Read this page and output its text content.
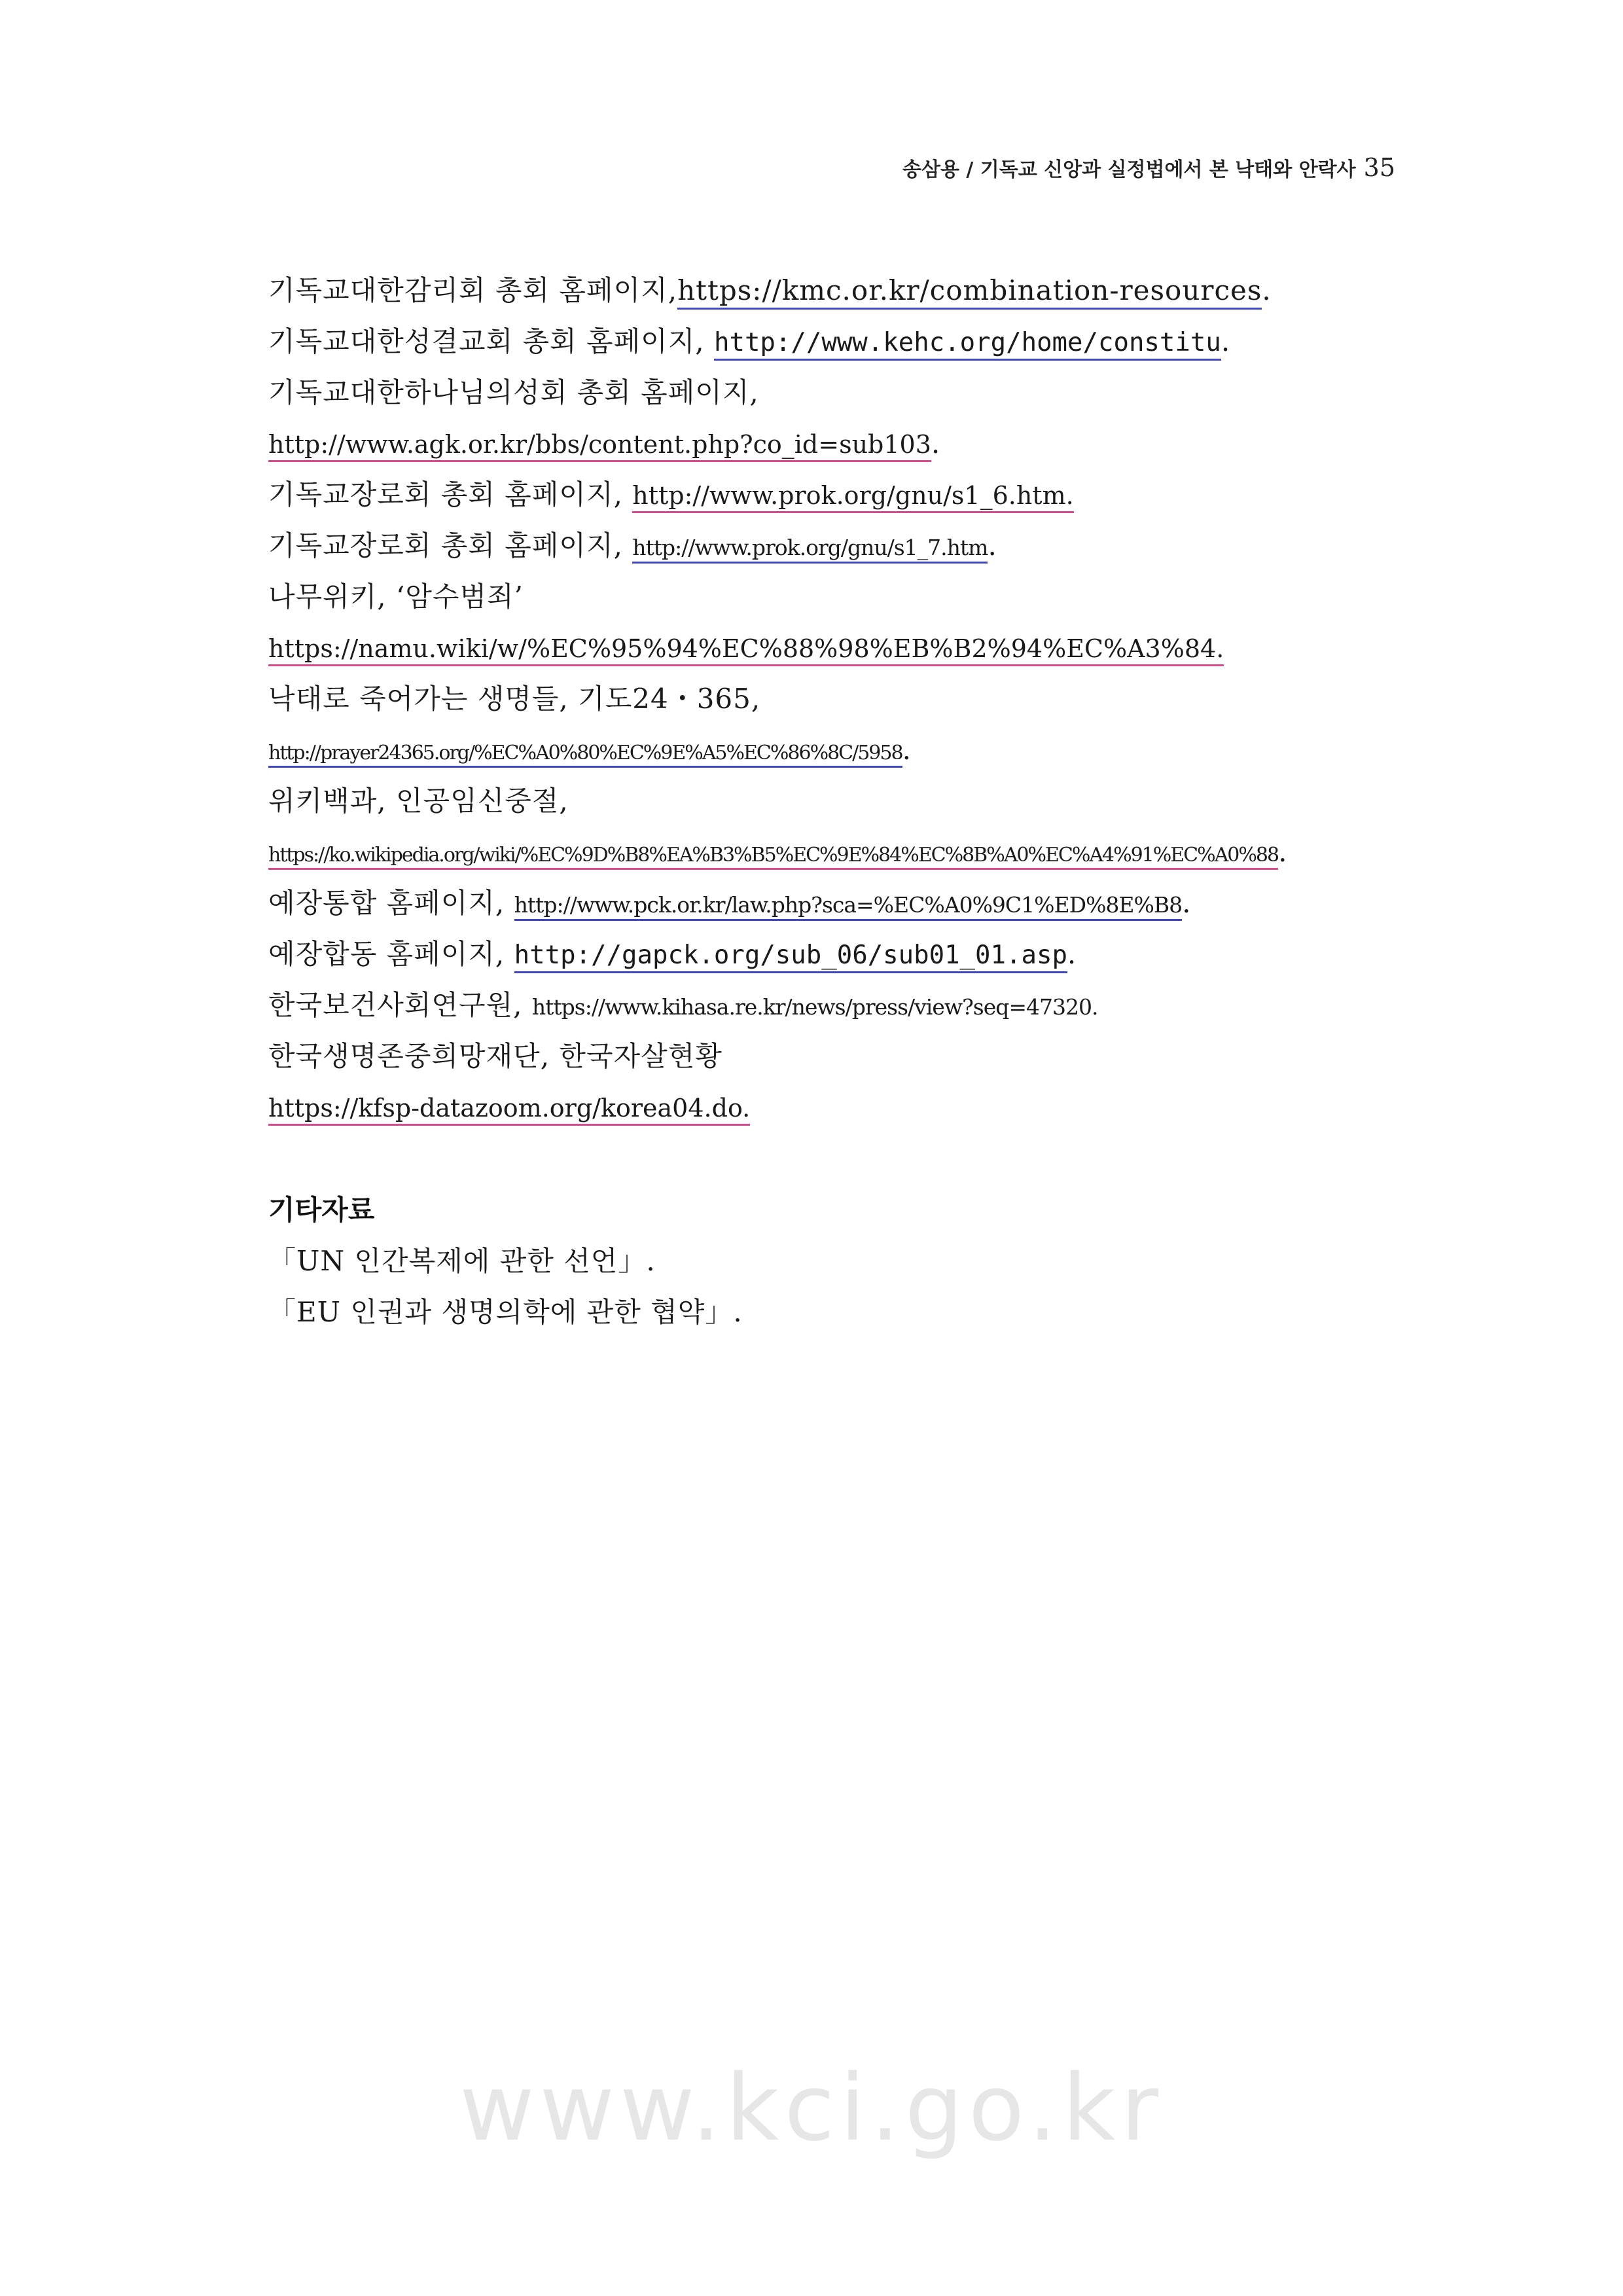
송삼용 / 기독교 신앙과 실정법에서 본 낙태와 안락사 35
기독교대한감리회 총회 홈페이지,https://kmc.or.kr/combination-resources.
기독교대한성결교회 총회 홈페이지, http://www.kehc.org/home/constitu.
기독교대한하나님의성회 총회 홈페이지,
http://www.agk.or.kr/bbs/content.php?co_id=sub103.
기독교장로회 총회 홈페이지, http://www.prok.org/gnu/s1_6.htm.
기독교장로회 총회 홈페이지, http://www.prok.org/gnu/s1_7.htm.
나무위키, ‘암수범죄’
https://namu.wiki/w/%EC%95%94%EC%88%98%EB%B2%94%EC%A3%84.
낙태로 죽어가는 생명들, 기도24・365,
http://prayer24365.org/%EC%A0%80%EC%9E%A5%EC%86%8C/5958.
위키백과, 인공임신중절,
https://ko.wikipedia.org/wiki/%EC%9D%B8%EA%B3%B5%EC%9E%84%EC%8B%A0%EC%A4%91%EC%A0%88.
예장통합 홈페이지, http://www.pck.or.kr/law.php?sca=%EC%A0%9C1%ED%8E%B8.
예장합동 홈페이지, http://gapck.org/sub_06/sub01_01.asp.
한국보건사회연구원, https://www.kihasa.re.kr/news/press/view?seq=47320.
한국생명존중희망재단, 한국자살현황
https://kfsp-datazoom.org/korea04.do.
기타자료
「UN 인간복제에 관한 선언」.
「EU 인권과 생명의학에 관한 협약」.
www.kci.go.kr
